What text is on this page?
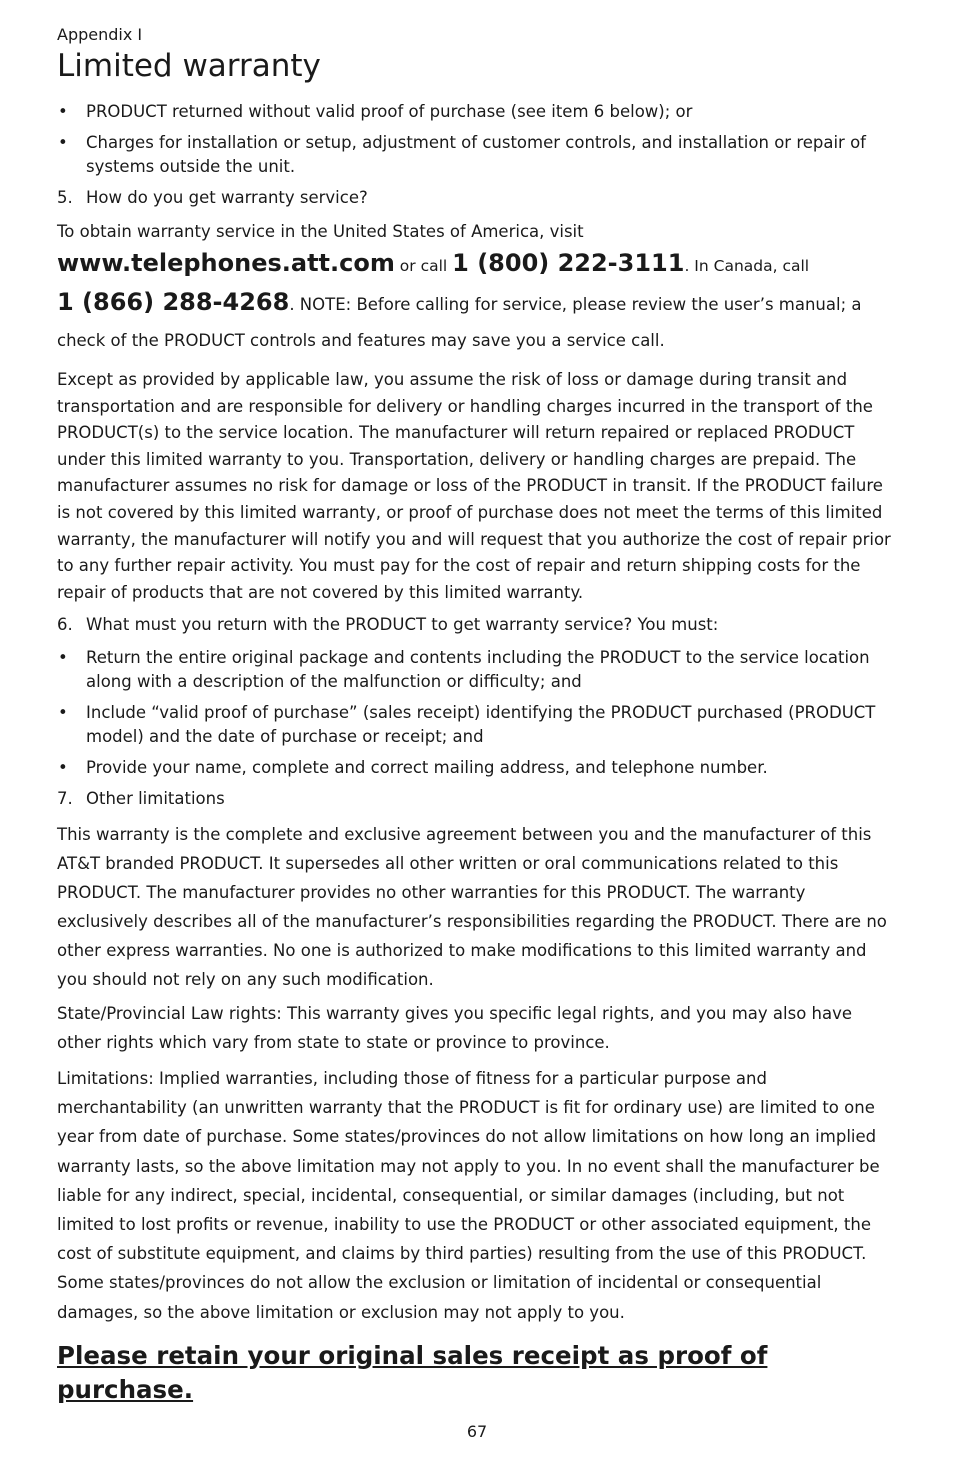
Appendix I

Limited warranty
• PRODUCT returned without valid proof of purchase (see item 6 below); or
• Charges for installation or setup, adjustment of customer controls, and installation or repair of systems outside the unit.

5. How do you get warranty service?

To obtain warranty service in the United States of America, visit
www.telephones.att.com or call 1 (800) 222-3111. In Canada, call
1 (866) 288-4268. NOTE: Before calling for service, please review the user’s manual; a check of the PRODUCT controls and features may save you a service call.

Except as provided by applicable law, you assume the risk of loss or damage during transit and transportation and are responsible for delivery or handling charges incurred in the transport of the PRODUCT(s) to the service location. The manufacturer will return repaired or replaced PRODUCT under this limited warranty to you. Transportation, delivery or handling charges are prepaid. The manufacturer assumes no risk for damage or loss of the PRODUCT in transit. If the PRODUCT failure is not covered by this limited warranty, or proof of purchase does not meet the terms of this limited warranty, the manufacturer will notify you and will request that you authorize the cost of repair prior to any further repair activity. You must pay for the cost of repair and return shipping costs for the repair of products that are not covered by this limited warranty.

6. What must you return with the PRODUCT to get warranty service? You must:

• Return the entire original package and contents including the PRODUCT to the service location along with a description of the malfunction or difficulty; and
• Include “valid proof of purchase” (sales receipt) identifying the PRODUCT purchased (PRODUCT model) and the date of purchase or receipt; and
• Provide your name, complete and correct mailing address, and telephone number.

7. Other limitations

This warranty is the complete and exclusive agreement between you and the manufacturer of this AT&T branded PRODUCT. It supersedes all other written or oral communications related to this PRODUCT. The manufacturer provides no other warranties for this PRODUCT. The warranty exclusively describes all of the manufacturer’s responsibilities regarding the PRODUCT. There are no other express warranties. No one is authorized to make modifications to this limited warranty and you should not rely on any such modification.

State/Provincial Law rights: This warranty gives you specific legal rights, and you may also have other rights which vary from state to state or province to province.

Limitations: Implied warranties, including those of fitness for a particular purpose and merchantability (an unwritten warranty that the PRODUCT is fit for ordinary use) are limited to one year from date of purchase. Some states/provinces do not allow limitations on how long an implied warranty lasts, so the above limitation may not apply to you. In no event shall the manufacturer be liable for any indirect, special, incidental, consequential, or similar damages (including, but not limited to lost profits or revenue, inability to use the PRODUCT or other associated equipment, the cost of substitute equipment, and claims by third parties) resulting from the use of this PRODUCT. Some states/provinces do not allow the exclusion or limitation of incidental or consequential damages, so the above limitation or exclusion may not apply to you.

Please retain your original sales receipt as proof of purchase.

67
